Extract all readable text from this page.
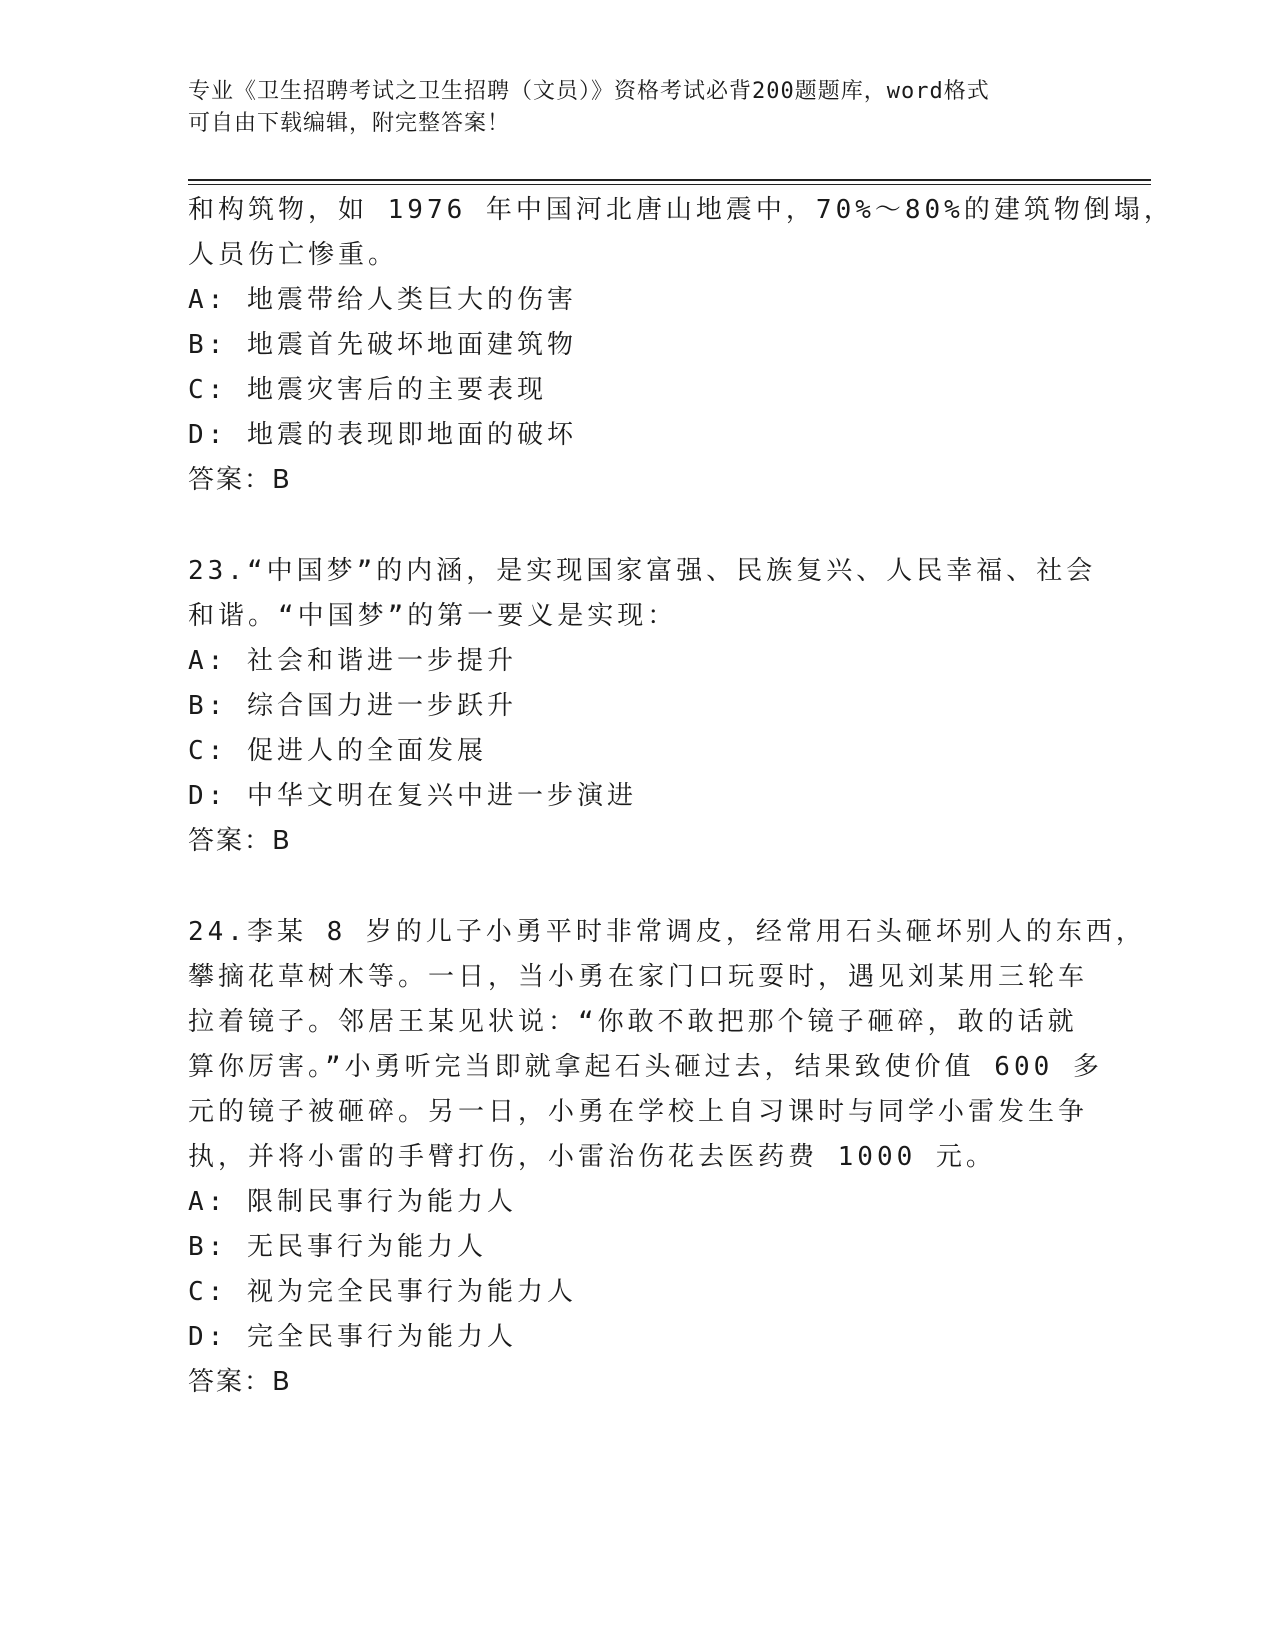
专业《卫生招聘考试之卫生招聘（文员）》资格考试必背200题题库，word格式

可自由下载编辑，附完整答案！

和构筑物，如 1976 年中国河北唐山地震中，70%～80%的建筑物倒塌，

人员伤亡惨重。

A: 地震带给人类巨大的伤害

B: 地震首先破坏地面建筑物

C: 地震灾害后的主要表现

D: 地震的表现即地面的破坏

答案：B

23.“中国梦”的内涵，是实现国家富强、民族复兴、人民幸福、社会

和谐。“中国梦”的第一要义是实现：

A: 社会和谐进一步提升

B: 综合国力进一步跃升

C: 促进人的全面发展

D: 中华文明在复兴中进一步演进

答案：B

24.李某 8 岁的儿子小勇平时非常调皮，经常用石头砸坏别人的东西，

攀摘花草树木等。一日，当小勇在家门口玩耍时，遇见刘某用三轮车

拉着镜子。邻居王某见状说：“你敢不敢把那个镜子砸碎，敢的话就

算你厉害。”小勇听完当即就拿起石头砸过去，结果致使价值 600 多

元的镜子被砸碎。另一日，小勇在学校上自习课时与同学小雷发生争

执，并将小雷的手臂打伤，小雷治伤花去医药费 1000 元。

A: 限制民事行为能力人

B: 无民事行为能力人

C: 视为完全民事行为能力人

D: 完全民事行为能力人

答案：B
